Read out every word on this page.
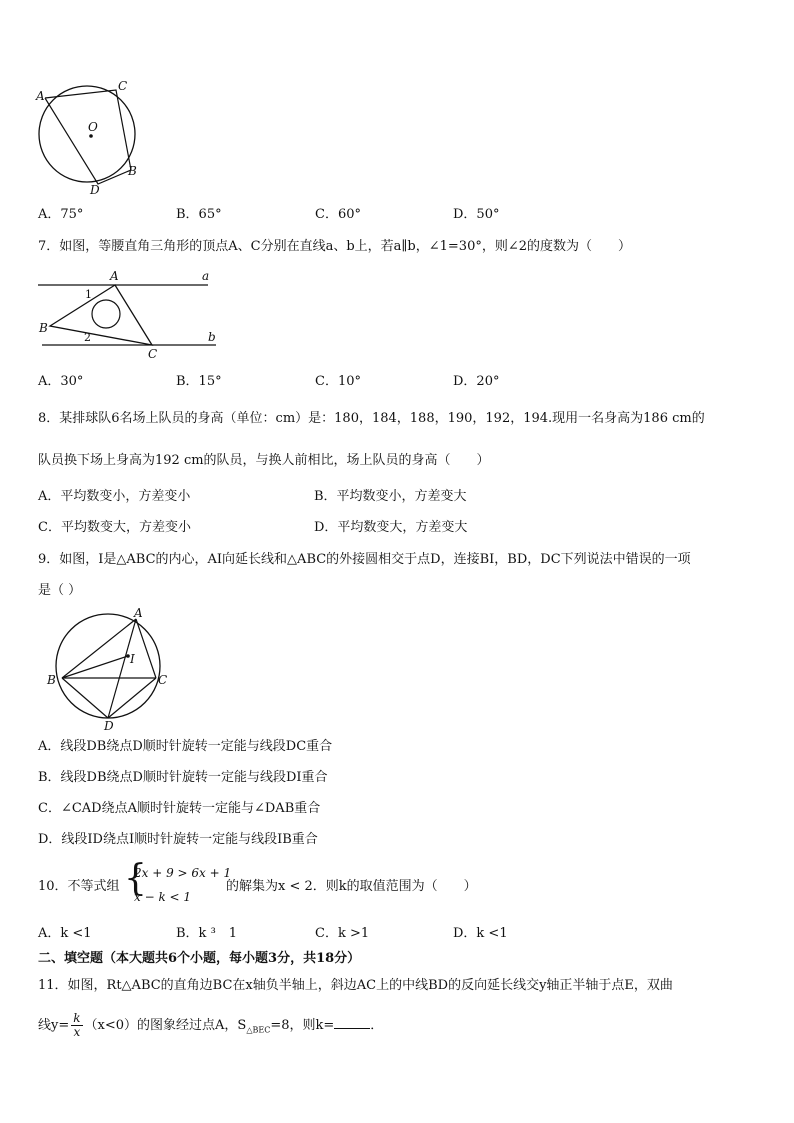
A
C
O
B
D
A．75°	B．65°	C．60°	D．50°
7．如图，等腰直角三角形的顶点A、C分别在直线a、b上，若a∥b，∠1=30°，则∠2的度数为（　　）
A	a
1
B
2
C
b
A．30°	B．15°	C．10°	D．20°
8．某排球队6名场上队员的身高（单位：cm）是：180，184，188，190，192，194.现用一名身高为186 cm的
队员换下场上身高为192 cm的队员，与换人前相比，场上队员的身高（　　）
A．平均数变小，方差变小	B．平均数变小，方差变大
C．平均数变大，方差变小	D．平均数变大，方差变大
9．如图，I是△ABC的内心，AI向延长线和△ABC的外接圆相交于点D，连接BI，BD，DC下列说法中错误的一项
是（ ）
A
I
B	C
D
A．线段DB绕点D顺时针旋转一定能与线段DC重合
B．线段DB绕点D顺时针旋转一定能与线段DI重合
C．∠CAD绕点A顺时针旋转一定能与∠DAB重合
D．线段ID绕点I顺时针旋转一定能与线段IB重合
10．不等式组 {
2x + 9 > 6x + 1
x − k < 1
的解集为x < 2．则k的取值范围为（　　）
A．k <1	B．k ³　1	C．k >1	D．k <1
二、填空题（本大题共6个小题，每小题3分，共18分）
11．如图，Rt△ABC的直角边BC在x轴负半轴上，斜边AC上的中线BD的反向延长线交y轴正半轴于点E，双曲
线$y= \frac{k}{x} (x<0)$的图象经过点A，$S_{\triangle BEC}=8$，则k=	．
